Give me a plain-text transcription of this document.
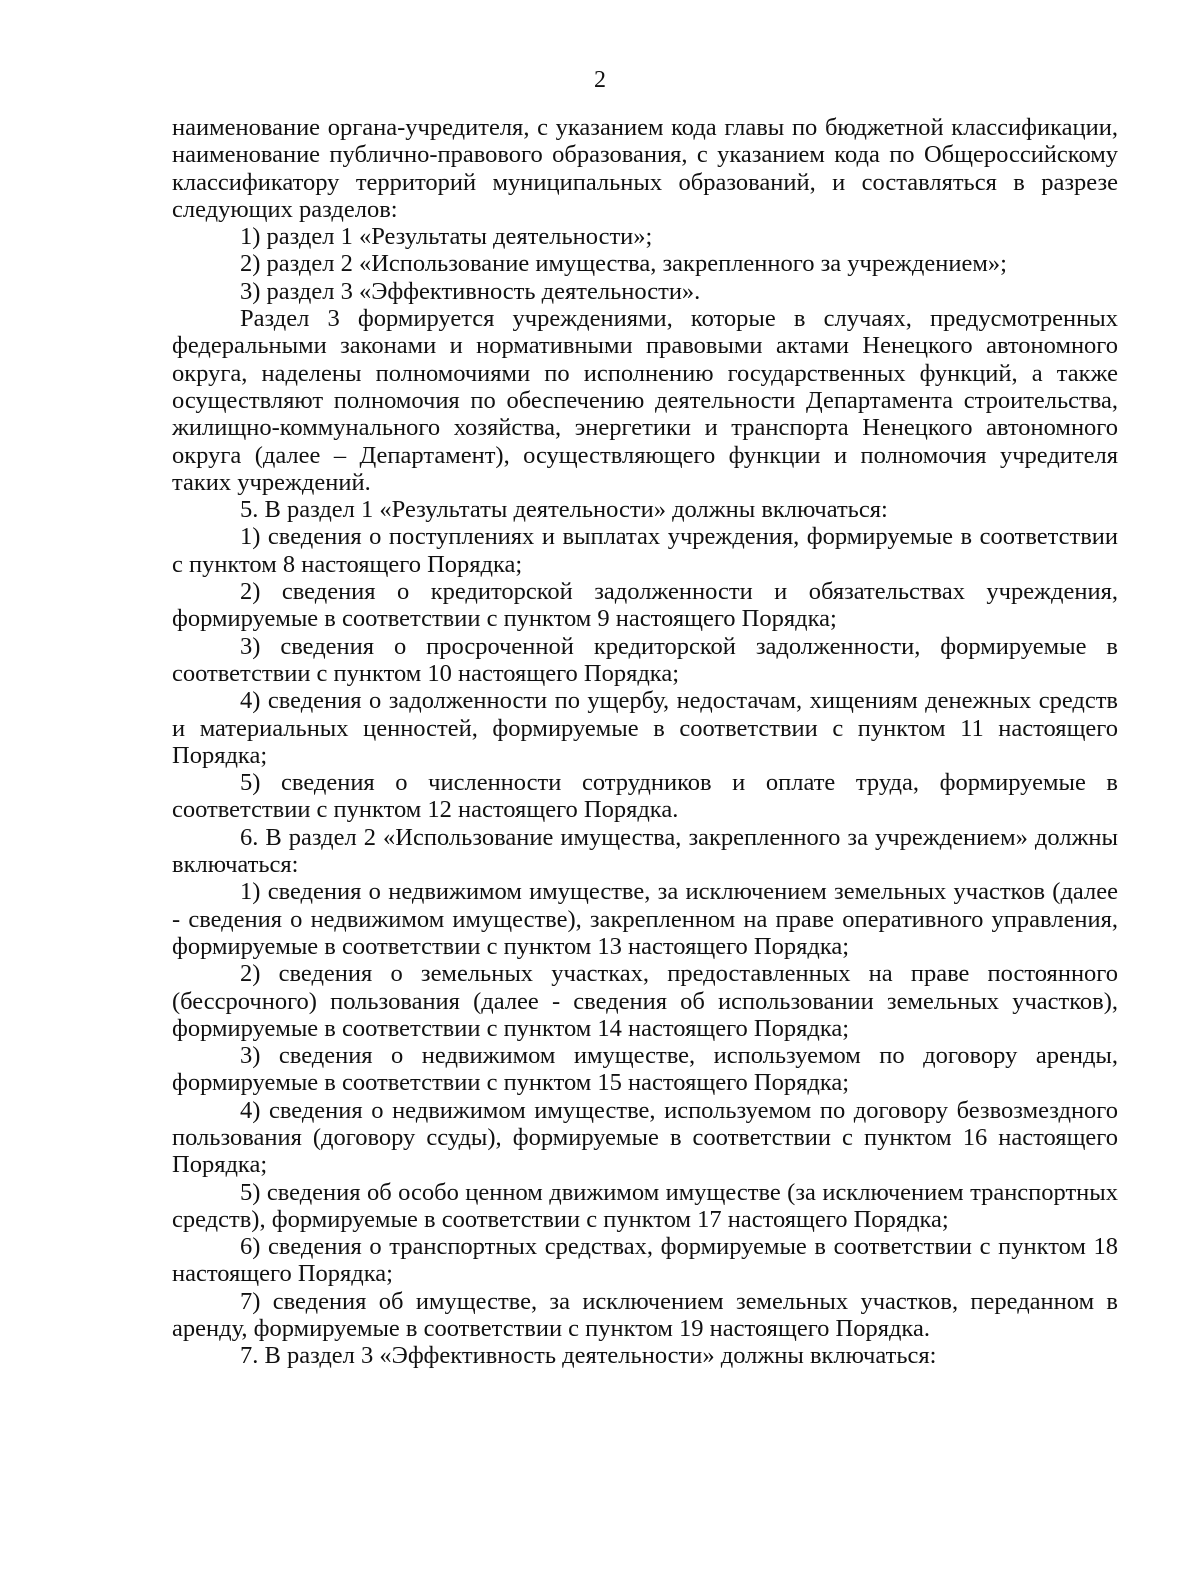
2

наименование органа-учредителя, с указанием кода главы по бюджетной классификации, наименование публично-правового образования, с указанием кода по Общероссийскому классификатору территорий муниципальных образований, и составляться в разрезе следующих разделов:

1) раздел 1 «Результаты деятельности»;

2) раздел 2 «Использование имущества, закрепленного за учреждением»;

3) раздел 3 «Эффективность деятельности».

Раздел 3 формируется учреждениями, которые в случаях, предусмотренных федеральными законами и нормативными правовыми актами Ненецкого автономного округа, наделены полномочиями по исполнению государственных функций, а также осуществляют полномочия по обеспечению деятельности Департамента строительства, жилищно-коммунального хозяйства, энергетики и транспорта Ненецкого автономного округа (далее – Департамент), осуществляющего функции и полномочия учредителя таких учреждений.

5. В раздел 1 «Результаты деятельности» должны включаться:

1) сведения о поступлениях и выплатах учреждения, формируемые в соответствии с пунктом 8 настоящего Порядка;

2) сведения о кредиторской задолженности и обязательствах учреждения, формируемые в соответствии с пунктом 9 настоящего Порядка;

3) сведения о просроченной кредиторской задолженности, формируемые в соответствии с пунктом 10 настоящего Порядка;

4) сведения о задолженности по ущербу, недостачам, хищениям денежных средств и материальных ценностей, формируемые в соответствии с пунктом 11 настоящего Порядка;

5) сведения о численности сотрудников и оплате труда, формируемые в соответствии с пунктом 12 настоящего Порядка.

6. В раздел 2 «Использование имущества, закрепленного за учреждением» должны включаться:

1) сведения о недвижимом имуществе, за исключением земельных участков (далее - сведения о недвижимом имуществе), закрепленном на праве оперативного управления, формируемые в соответствии с пунктом 13 настоящего Порядка;

2) сведения о земельных участках, предоставленных на праве постоянного (бессрочного) пользования (далее - сведения об использовании земельных участков), формируемые в соответствии с пунктом 14 настоящего Порядка;

3) сведения о недвижимом имуществе, используемом по договору аренды, формируемые в соответствии с пунктом 15 настоящего Порядка;

4) сведения о недвижимом имуществе, используемом по договору безвозмездного пользования (договору ссуды), формируемые в соответствии с пунктом 16 настоящего Порядка;

5) сведения об особо ценном движимом имуществе (за исключением транспортных средств), формируемые в соответствии с пунктом 17 настоящего Порядка;

6) сведения о транспортных средствах, формируемые в соответствии с пунктом 18 настоящего Порядка;

7) сведения об имуществе, за исключением земельных участков, переданном в аренду, формируемые в соответствии с пунктом 19 настоящего Порядка.

7. В раздел 3 «Эффективность деятельности» должны включаться:
